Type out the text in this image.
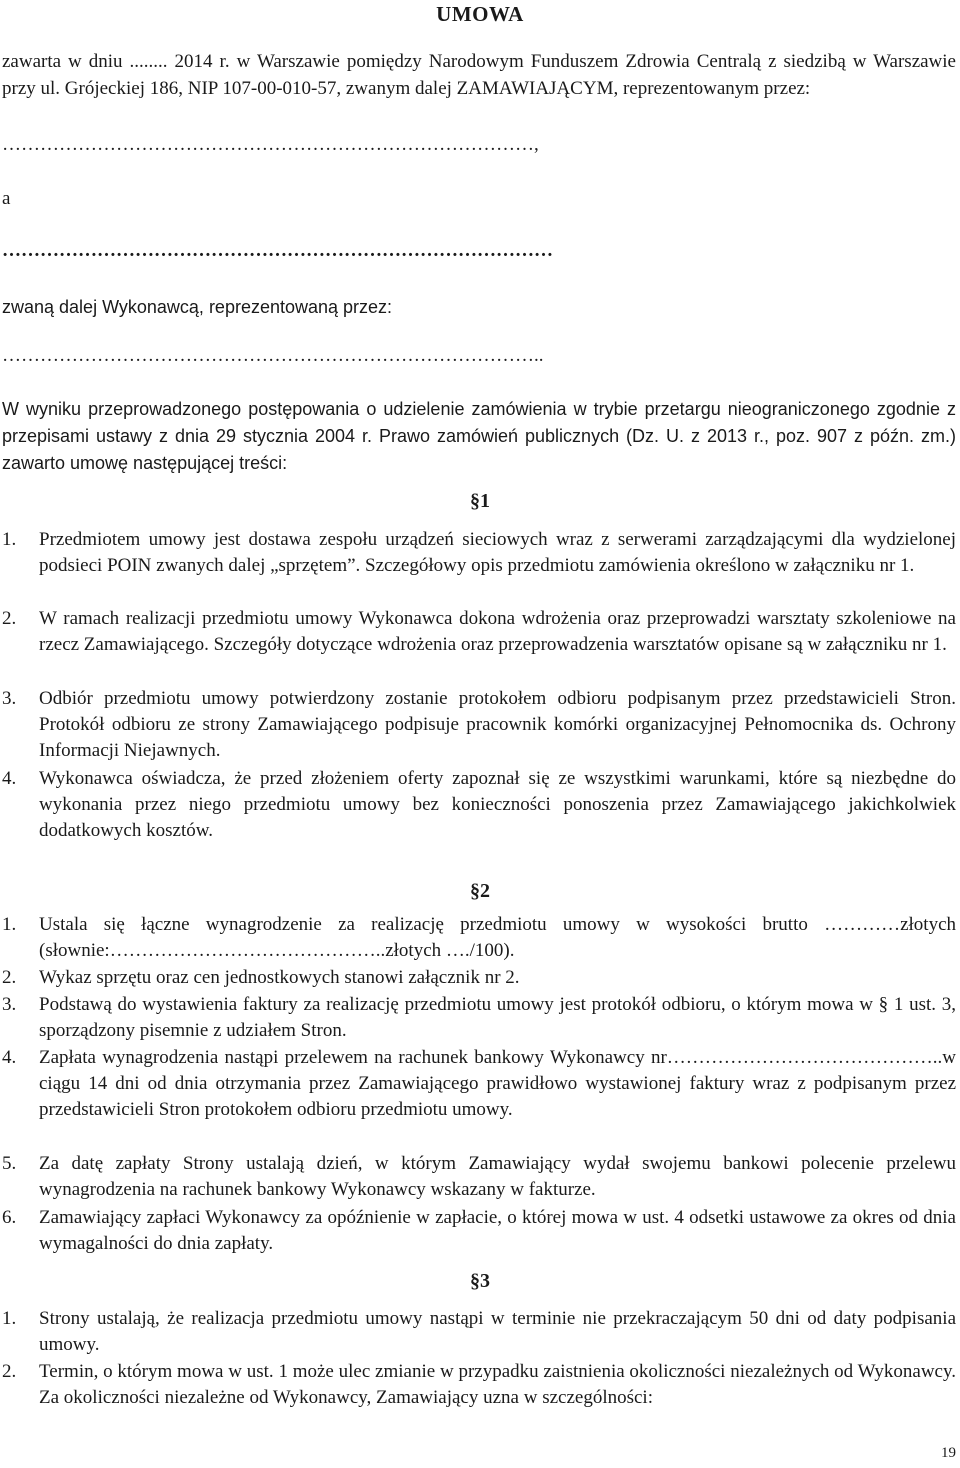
UMOWA

zawarta w dniu ........ 2014 r. w Warszawie pomiędzy Narodowym Funduszem Zdrowia Centralą z siedzibą w Warszawie przy ul. Grójeckiej 186, NIP 107-00-010-57, zwanym dalej ZAMAWIAJĄCYM, reprezentowanym przez:

…………………………………………………………………………,
a
……………………………………………………………………………
zwaną dalej Wykonawcą, reprezentowaną przez:
…………………………………………………………………………..

W wyniku przeprowadzonego postępowania o udzielenie zamówienia w trybie przetargu nieograniczonego zgodnie z przepisami ustawy z dnia 29 stycznia 2004 r. Prawo zamówień publicznych (Dz. U. z 2013 r., poz. 907 z późn. zm.) zawarto umowę następującej treści:

§1
1.	Przedmiotem umowy jest dostawa zespołu urządzeń sieciowych wraz z serwerami zarządzającymi dla wydzielonej podsieci POIN zwanych dalej „sprzętem”. Szczegółowy opis przedmiotu zamówienia określono w załączniku nr 1.
2.	W ramach realizacji przedmiotu umowy Wykonawca dokona wdrożenia oraz przeprowadzi warsztaty szkoleniowe na rzecz Zamawiającego. Szczegóły dotyczące wdrożenia oraz przeprowadzenia warsztatów opisane są w załączniku nr 1.
3.	Odbiór przedmiotu umowy potwierdzony zostanie protokołem odbioru podpisanym przez przedstawicieli Stron. Protokół odbioru ze strony Zamawiającego podpisuje pracownik komórki organizacyjnej Pełnomocnika ds. Ochrony Informacji Niejawnych.
4.	Wykonawca oświadcza, że przed złożeniem oferty zapoznał się ze wszystkimi warunkami, które są niezbędne do wykonania przez niego przedmiotu umowy bez konieczności ponoszenia przez Zamawiającego jakichkolwiek dodatkowych kosztów.
§2
1.	Ustala się łączne wynagrodzenie za realizację przedmiotu umowy w wysokości brutto …………złotych (słownie:……………………………………..złotych …./100).
2.	Wykaz sprzętu oraz cen jednostkowych stanowi załącznik nr 2.
3.	Podstawą do wystawienia faktury za realizację przedmiotu umowy jest protokół odbioru, o którym mowa w § 1 ust. 3, sporządzony pisemnie z udziałem Stron.
4.	Zapłata wynagrodzenia nastąpi przelewem na rachunek bankowy Wykonawcy nr……………………………………..w ciągu 14 dni od dnia otrzymania przez Zamawiającego prawidłowo wystawionej faktury wraz z podpisanym przez przedstawicieli Stron protokołem odbioru przedmiotu umowy.
5.	Za datę zapłaty Strony ustalają dzień, w którym Zamawiający wydał swojemu bankowi polecenie przelewu wynagrodzenia na rachunek bankowy Wykonawcy wskazany w fakturze.
6.	Zamawiający zapłaci Wykonawcy za opóźnienie w zapłacie, o której mowa w ust. 4 odsetki ustawowe za okres od dnia wymagalności do dnia zapłaty.
§3
1.	Strony ustalają, że realizacja przedmiotu umowy nastąpi w terminie nie przekraczającym 50 dni od daty podpisania umowy.
2.	Termin, o którym mowa w ust. 1 może ulec zmianie w przypadku zaistnienia okoliczności niezależnych od Wykonawcy. Za okoliczności niezależne od Wykonawcy, Zamawiający uzna w szczególności:
19
